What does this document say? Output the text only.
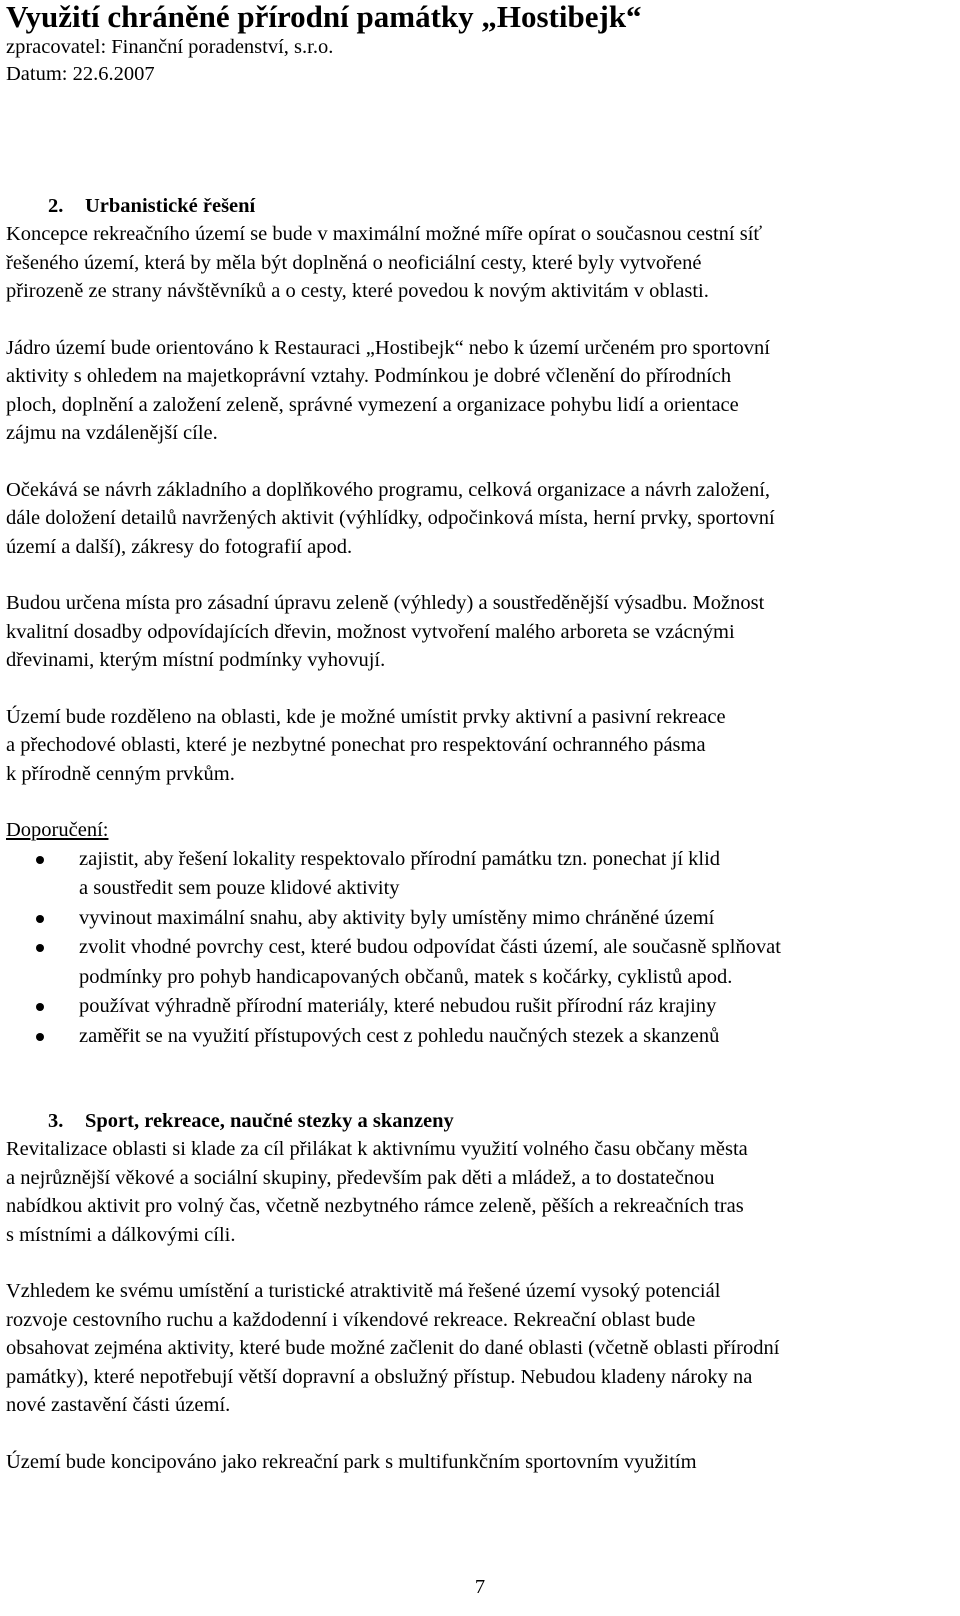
Využití chráněné přírodní památky „Hostibejk“

zpracovatel: Finanční poradenství, s.r.o.

Datum: 22.6.2007

2. Urbanistické řešení

Koncepce rekreačního území se bude v maximální možné míře opírat o současnou cestní síť
řešeného území, která by měla být doplněná o neoficiální cesty, které byly vytvořené
přirozeně ze strany návštěvníků a o cesty, které povedou k novým aktivitám v oblasti.

Jádro území bude orientováno k Restauraci „Hostibejk“ nebo k území určeném pro sportovní
aktivity s ohledem na majetkoprávní vztahy. Podmínkou je dobré včlenění do přírodních
ploch, doplnění a založení zeleně, správné vymezení a organizace pohybu lidí a orientace
zájmu na vzdálenější cíle.

Očekává se návrh základního a doplňkového programu, celková organizace a návrh založení,
dále doložení detailů navržených aktivit (výhlídky, odpočinková místa, herní prvky, sportovní
území a další), zákresy do fotografií apod.

Budou určena místa pro zásadní úpravu zeleně (výhledy) a soustředěnější výsadbu. Možnost
kvalitní dosadby odpovídajících dřevin, možnost vytvoření malého arboreta se vzácnými
dřevinami, kterým místní podmínky vyhovují.

Území bude rozděleno na oblasti, kde je možné umístit prvky aktivní a pasivní rekreace
a přechodové oblasti, které je nezbytné ponechat pro respektování ochranného pásma
k přírodně cenným prvkům.

Doporučení:

zajistit, aby řešení lokality respektovalo přírodní památku tzn. ponechat jí klid
a soustředit sem pouze klidové aktivity
vyvinout maximální snahu, aby aktivity byly umístěny mimo chráněné území
zvolit vhodné povrchy cest, které budou odpovídat části území, ale současně splňovat
podmínky pro pohyb handicapovaných občanů, matek s kočárky, cyklistů apod.
používat výhradně přírodní materiály, které nebudou rušit přírodní ráz krajiny
zaměřit se na využití přístupových cest z pohledu naučných stezek a skanzenů
3. Sport, rekreace, naučné stezky a skanzeny

Revitalizace oblasti si klade za cíl přilákat k aktivnímu využití volného času občany města
a nejrůznější věkové a sociální skupiny, především pak děti a mládež, a to dostatečnou
nabídkou aktivit pro volný čas, včetně nezbytného rámce zeleně, pěších a rekreačních tras
s místními a dálkovými cíli.

Vzhledem ke svému umístění a turistické atraktivitě má řešené území vysoký potenciál
rozvoje cestovního ruchu a každodenní i víkendové rekreace. Rekreační oblast bude
obsahovat zejména aktivity, které bude možné začlenit do dané oblasti (včetně oblasti přírodní
památky), které nepotřebují větší dopravní a obslužný přístup. Nebudou kladeny nároky na
nové zastavění části území.

Území bude koncipováno jako rekreační park s multifunkčním sportovním využitím

7
